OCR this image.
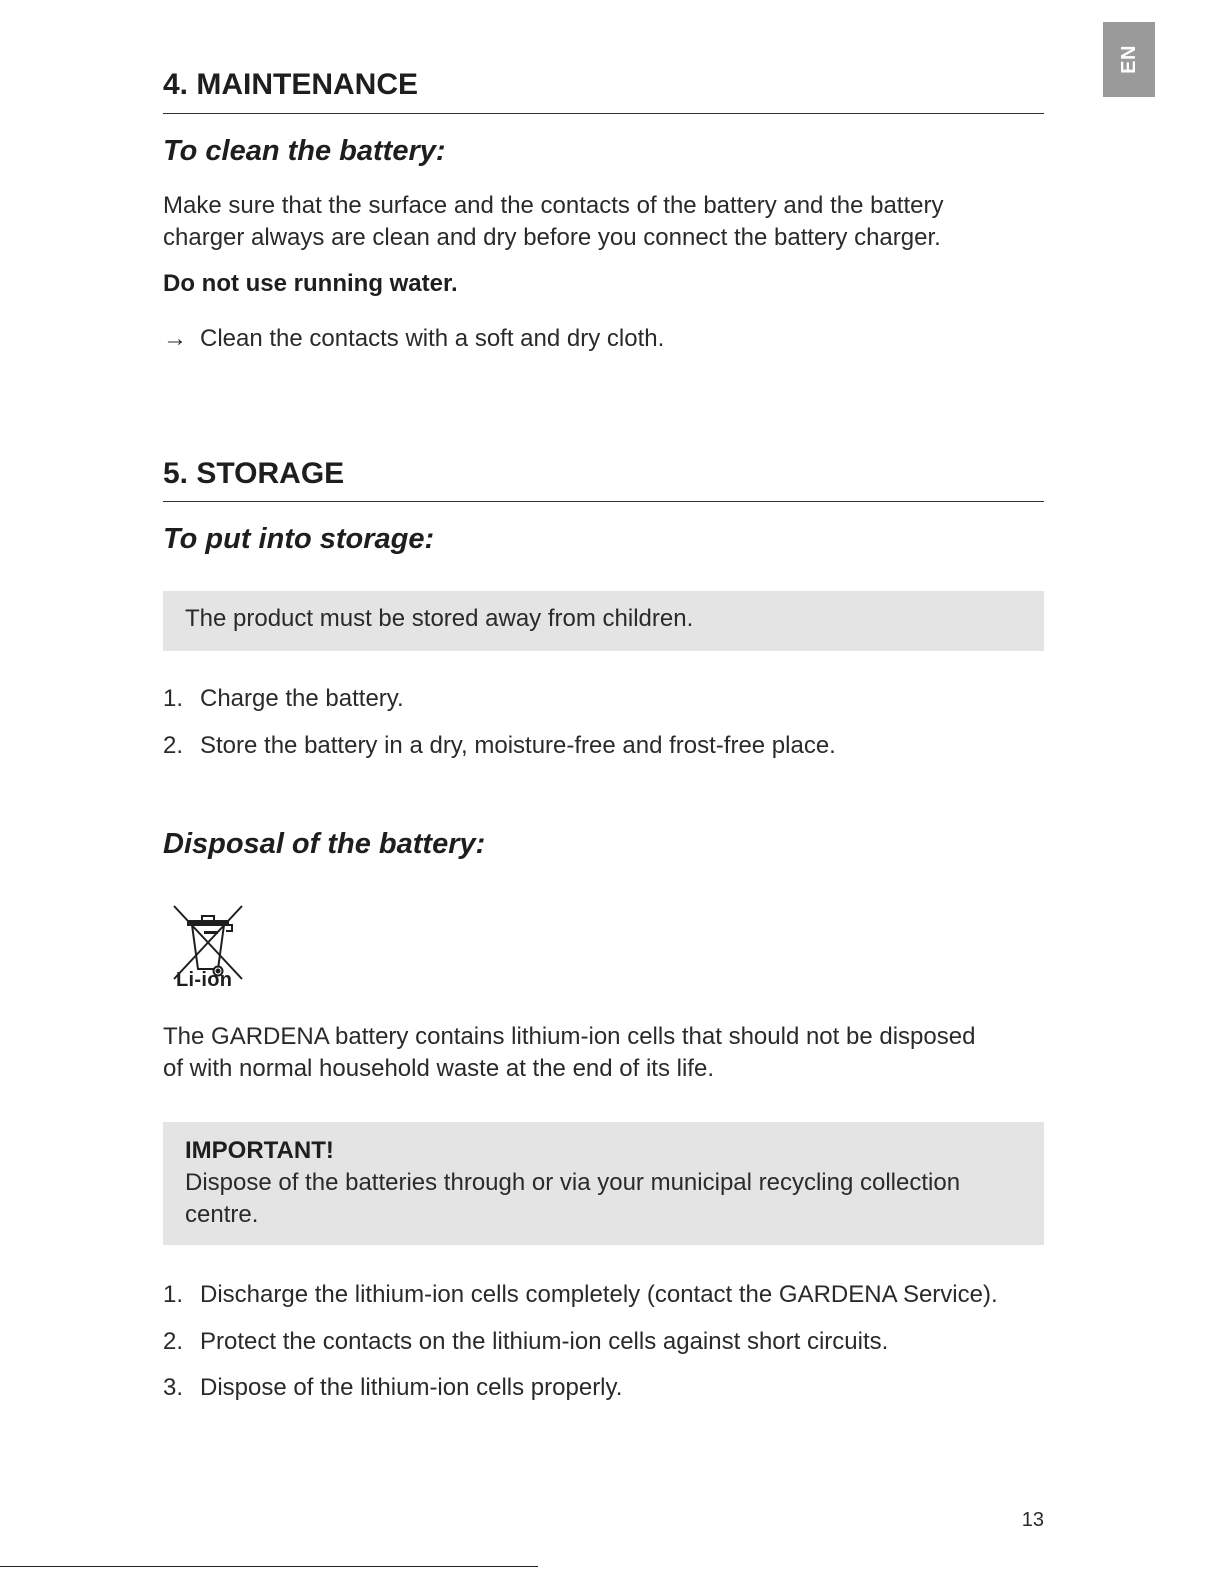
EN
4. MAINTENANCE
To clean the battery:

Make sure that the surface and the contacts of the battery and the battery
charger always are clean and dry before you connect the battery charger.

Do not use running water.

→ Clean the contacts with a soft and dry cloth.
5. STORAGE
To put into storage:
The product must be stored away from children.
1. Charge the battery.
2. Store the battery in a dry, moisture-free and frost-free place.
Disposal of the battery:
Li-ion

The GARDENA battery contains lithium-ion cells that should not be disposed
of with normal household waste at the end of its life.

IMPORTANT!
Dispose of the batteries through or via your municipal recycling collection
centre.
1. Discharge the lithium-ion cells completely (contact the GARDENA Service).
2. Protect the contacts on the lithium-ion cells against short circuits.
3. Dispose of the lithium-ion cells properly.
13
